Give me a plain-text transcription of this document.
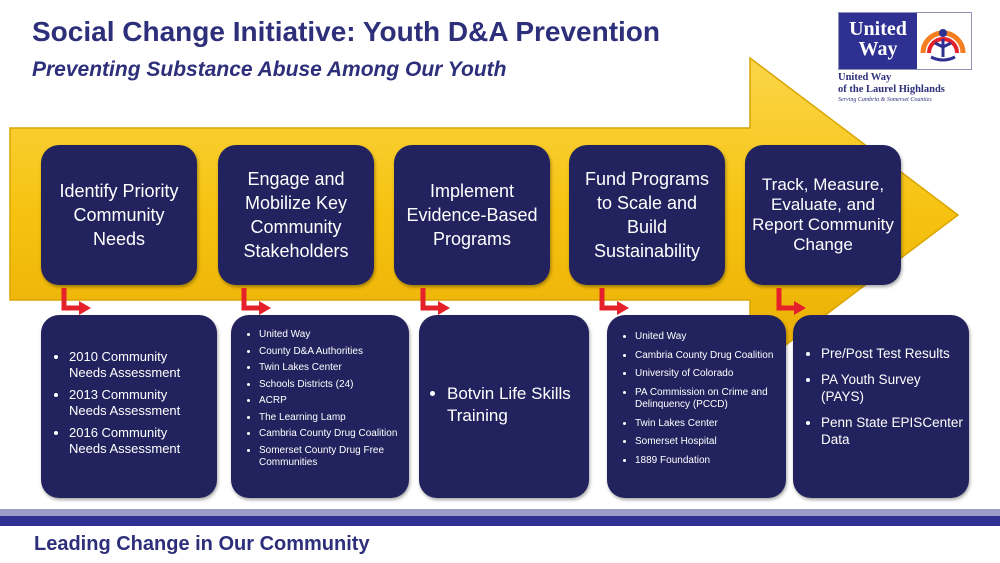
Social Change Initiative: Youth D&A Prevention
Preventing Substance Abuse Among Our Youth
United
Way
United Way
of the Laurel Highlands
Serving Cambria & Somerset Counties
Identify Priority Community Needs
Engage and Mobilize Key Community Stakeholders
Implement Evidence-Based Programs
Fund Programs to Scale and Build Sustainability
Track, Measure, Evaluate, and Report Community Change
• 2010 Community Needs Assessment
• 2013 Community Needs Assessment
• 2016 Community Needs Assessment
• United Way
• County D&A Authorities
• Twin Lakes Center
• Schools Districts (24)
• ACRP
• The Learning Lamp
• Cambria County Drug Coalition
• Somerset County Drug Free Communities
• Botvin Life Skills Training
• United Way
• Cambria County Drug Coalition
• University of Colorado
• PA Commission on Crime and Delinquency (PCCD)
• Twin Lakes Center
• Somerset Hospital
• 1889 Foundation
• Pre/Post Test Results
• PA Youth Survey (PAYS)
• Penn State EPISCenter Data

Leading Change in Our Community
